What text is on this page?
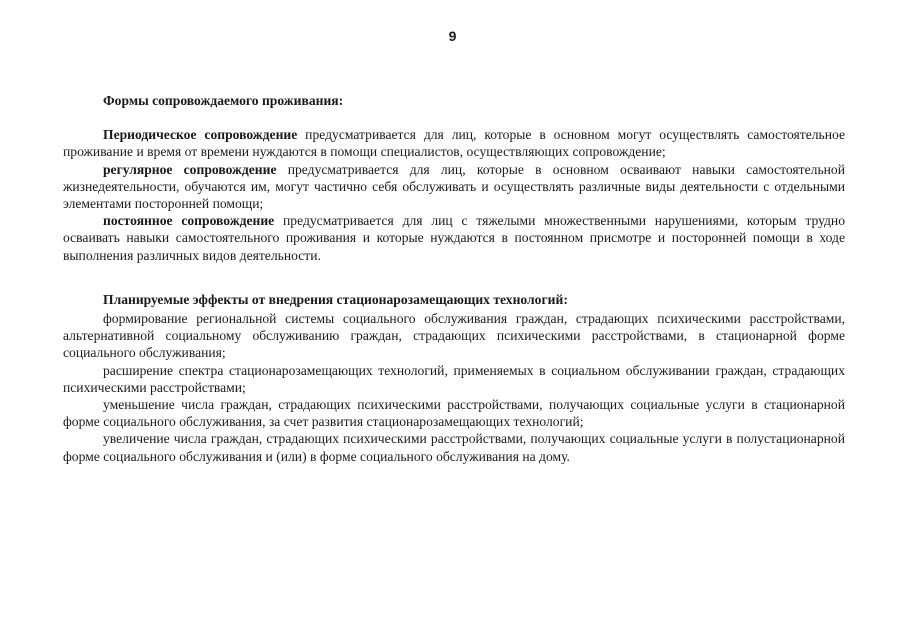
9
Формы сопровождаемого проживания:

Периодическое сопровождение предусматривается для лиц, которые в основном могут осуществлять самостоятельное проживание и время от времени нуждаются в помощи специалистов, осуществляющих сопровождение;

регулярное сопровождение предусматривается для лиц, которые в основном осваивают навыки самостоятельной жизнедеятельности, обучаются им, могут частично себя обслуживать и осуществлять различные виды деятельности с отдельными элементами посторонней помощи;

постоянное сопровождение предусматривается для лиц с тяжелыми множественными нарушениями, которым трудно осваивать навыки самостоятельного проживания и которые нуждаются в постоянном присмотре и посторонней помощи в ходе выполнения различных видов деятельности.

Планируемые эффекты от внедрения стационарозамещающих технологий:

формирование региональной системы социального обслуживания граждан, страдающих психическими расстройствами, альтернативной социальному обслуживанию граждан, страдающих психическими расстройствами, в стационарной форме социального обслуживания;

расширение спектра стационарозамещающих технологий, применяемых в социальном обслуживании граждан, страдающих психическими расстройствами;

уменьшение числа граждан, страдающих психическими расстройствами, получающих социальные услуги в стационарной форме социального обслуживания, за счет развития стационарозамещающих технологий;

увеличение числа граждан, страдающих психическими расстройствами, получающих социальные услуги в полустационарной форме социального обслуживания и (или) в форме социального обслуживания на дому.
